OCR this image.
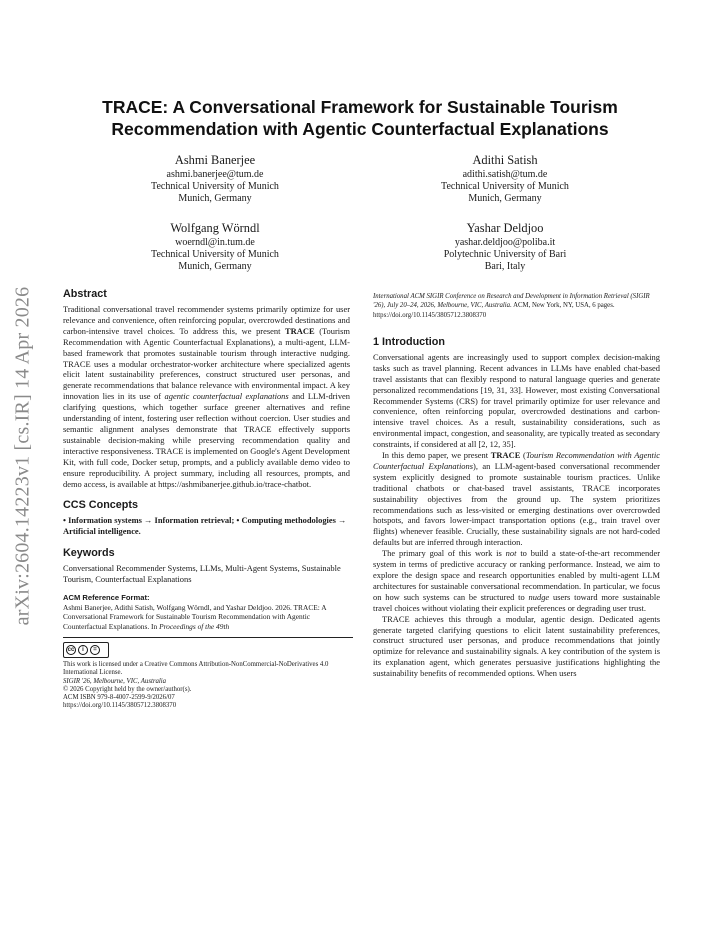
arXiv:2604.14223v1 [cs.IR] 14 Apr 2026
TRACE: A Conversational Framework for Sustainable Tourism
Recommendation with Agentic Counterfactual Explanations
Ashmi Banerjee
ashmi.banerjee@tum.de
Technical University of Munich
Munich, Germany
Adithi Satish
adithi.satish@tum.de
Technical University of Munich
Munich, Germany
Wolfgang Wörndl
woerndl@in.tum.de
Technical University of Munich
Munich, Germany
Yashar Deldjoo
yashar.deldjoo@poliba.it
Polytechnic University of Bari
Bari, Italy
Abstract

Traditional conversational travel recommender systems primarily optimize for user relevance and convenience, often reinforcing popular, overcrowded destinations and carbon-intensive travel choices. To address this, we present TRACE (Tourism Recommendation with Agentic Counterfactual Explanations), a multi-agent, LLM-based framework that promotes sustainable tourism through interactive nudging. TRACE uses a modular orchestrator-worker architecture where specialized agents elicit latent sustainability preferences, construct structured user personas, and generate recommendations that balance relevance with environmental impact. A key innovation lies in its use of agentic counterfactual explanations and LLM-driven clarifying questions, which together surface greener alternatives and refine understanding of intent, fostering user reflection without coercion. User studies and semantic alignment analyses demonstrate that TRACE effectively supports sustainable decision-making while preserving recommendation quality and interactive responsiveness. TRACE is implemented on Google's Agent Development Kit, with full code, Docker setup, prompts, and a publicly available demo video to ensure reproducibility. A project summary, including all resources, prompts, and demo access, is available at https://ashmibanerjee.github.io/trace-chatbot.

CCS Concepts

• Information systems → Information retrieval; • Computing methodologies → Artificial intelligence.

Keywords

Conversational Recommender Systems, LLMs, Multi-Agent Systems, Sustainable Tourism, Counterfactual Explanations

ACM Reference Format:

Ashmi Banerjee, Adithi Satish, Wolfgang Wörndl, and Yashar Deldjoo. 2026. TRACE: A Conversational Framework for Sustainable Tourism Recommendation with Agentic Counterfactual Explanations. In Proceedings of the 49th

cc	i	=
This work is licensed under a Creative Commons Attribution-NonCommercial-NoDerivatives 4.0 International License.
SIGIR '26, Melbourne, VIC, Australia
© 2026 Copyright held by the owner/author(s).
ACM ISBN 979-8-4007-2599-9/2026/07
https://doi.org/10.1145/3805712.3808370

International ACM SIGIR Conference on Research and Development in Information Retrieval (SIGIR '26), July 20–24, 2026, Melbourne, VIC, Australia. ACM, New York, NY, USA, 6 pages. https://doi.org/10.1145/3805712.3808370

1 Introduction

Conversational agents are increasingly used to support complex decision-making tasks such as travel planning. Recent advances in LLMs have enabled chat-based travel assistants that can flexibly respond to natural language queries and generate personalized recommendations [19, 31, 33]. However, most existing Conversational Recommender Systems (CRS) for travel primarily optimize for user relevance and convenience, often reinforcing popular, overcrowded destinations and carbon-intensive travel choices. As a result, sustainability considerations, such as environmental impact, congestion, and seasonality, are typically treated as secondary constraints, if considered at all [2, 12, 35].

In this demo paper, we present TRACE (Tourism Recommendation with Agentic Counterfactual Explanations), an LLM-agent-based conversational recommender system explicitly designed to promote sustainable tourism practices. Unlike traditional chatbots or chat-based travel assistants, TRACE incorporates sustainability objectives from the ground up. The system prioritizes recommendations such as less-visited or emerging destinations over overcrowded hotspots, and favors lower-impact transportation options (e.g., train travel over flights) whenever feasible. Crucially, these sustainability signals are not hard-coded defaults but are inferred through interaction.

The primary goal of this work is not to build a state-of-the-art recommender system in terms of predictive accuracy or ranking performance. Instead, we aim to explore the design space and research opportunities enabled by multi-agent LLM architectures for sustainable conversational recommendation. In particular, we focus on how such systems can be structured to nudge users toward more sustainable travel choices without violating their explicit preferences or degrading user trust.

TRACE achieves this through a modular, agentic design. Dedicated agents generate targeted clarifying questions to elicit latent sustainability preferences, construct structured user personas, and produce recommendations that jointly optimize for relevance and sustainability signals. A key contribution of the system is its explanation agent, which generates persuasive justifications highlighting the sustainability benefits of recommended options. When users
